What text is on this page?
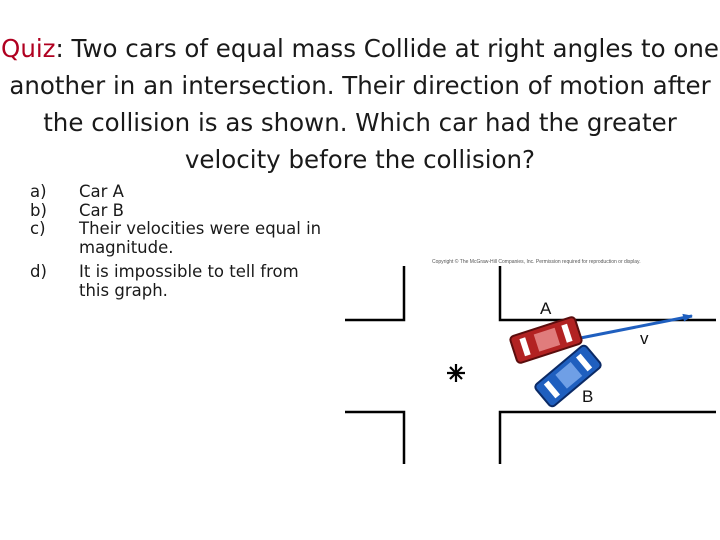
Quiz: Two cars of equal mass Collide at right angles to one another in an intersection. Their direction of motion after the collision is as shown. Which car had the greater velocity before the collision?
a)	Car A
b)	Car B
c)	Their velocities were equal in magnitude.
d)	It is impossible to tell from this graph.
Copyright © The McGraw-Hill Companies, Inc. Permission required for reproduction or display.
v
A
B
